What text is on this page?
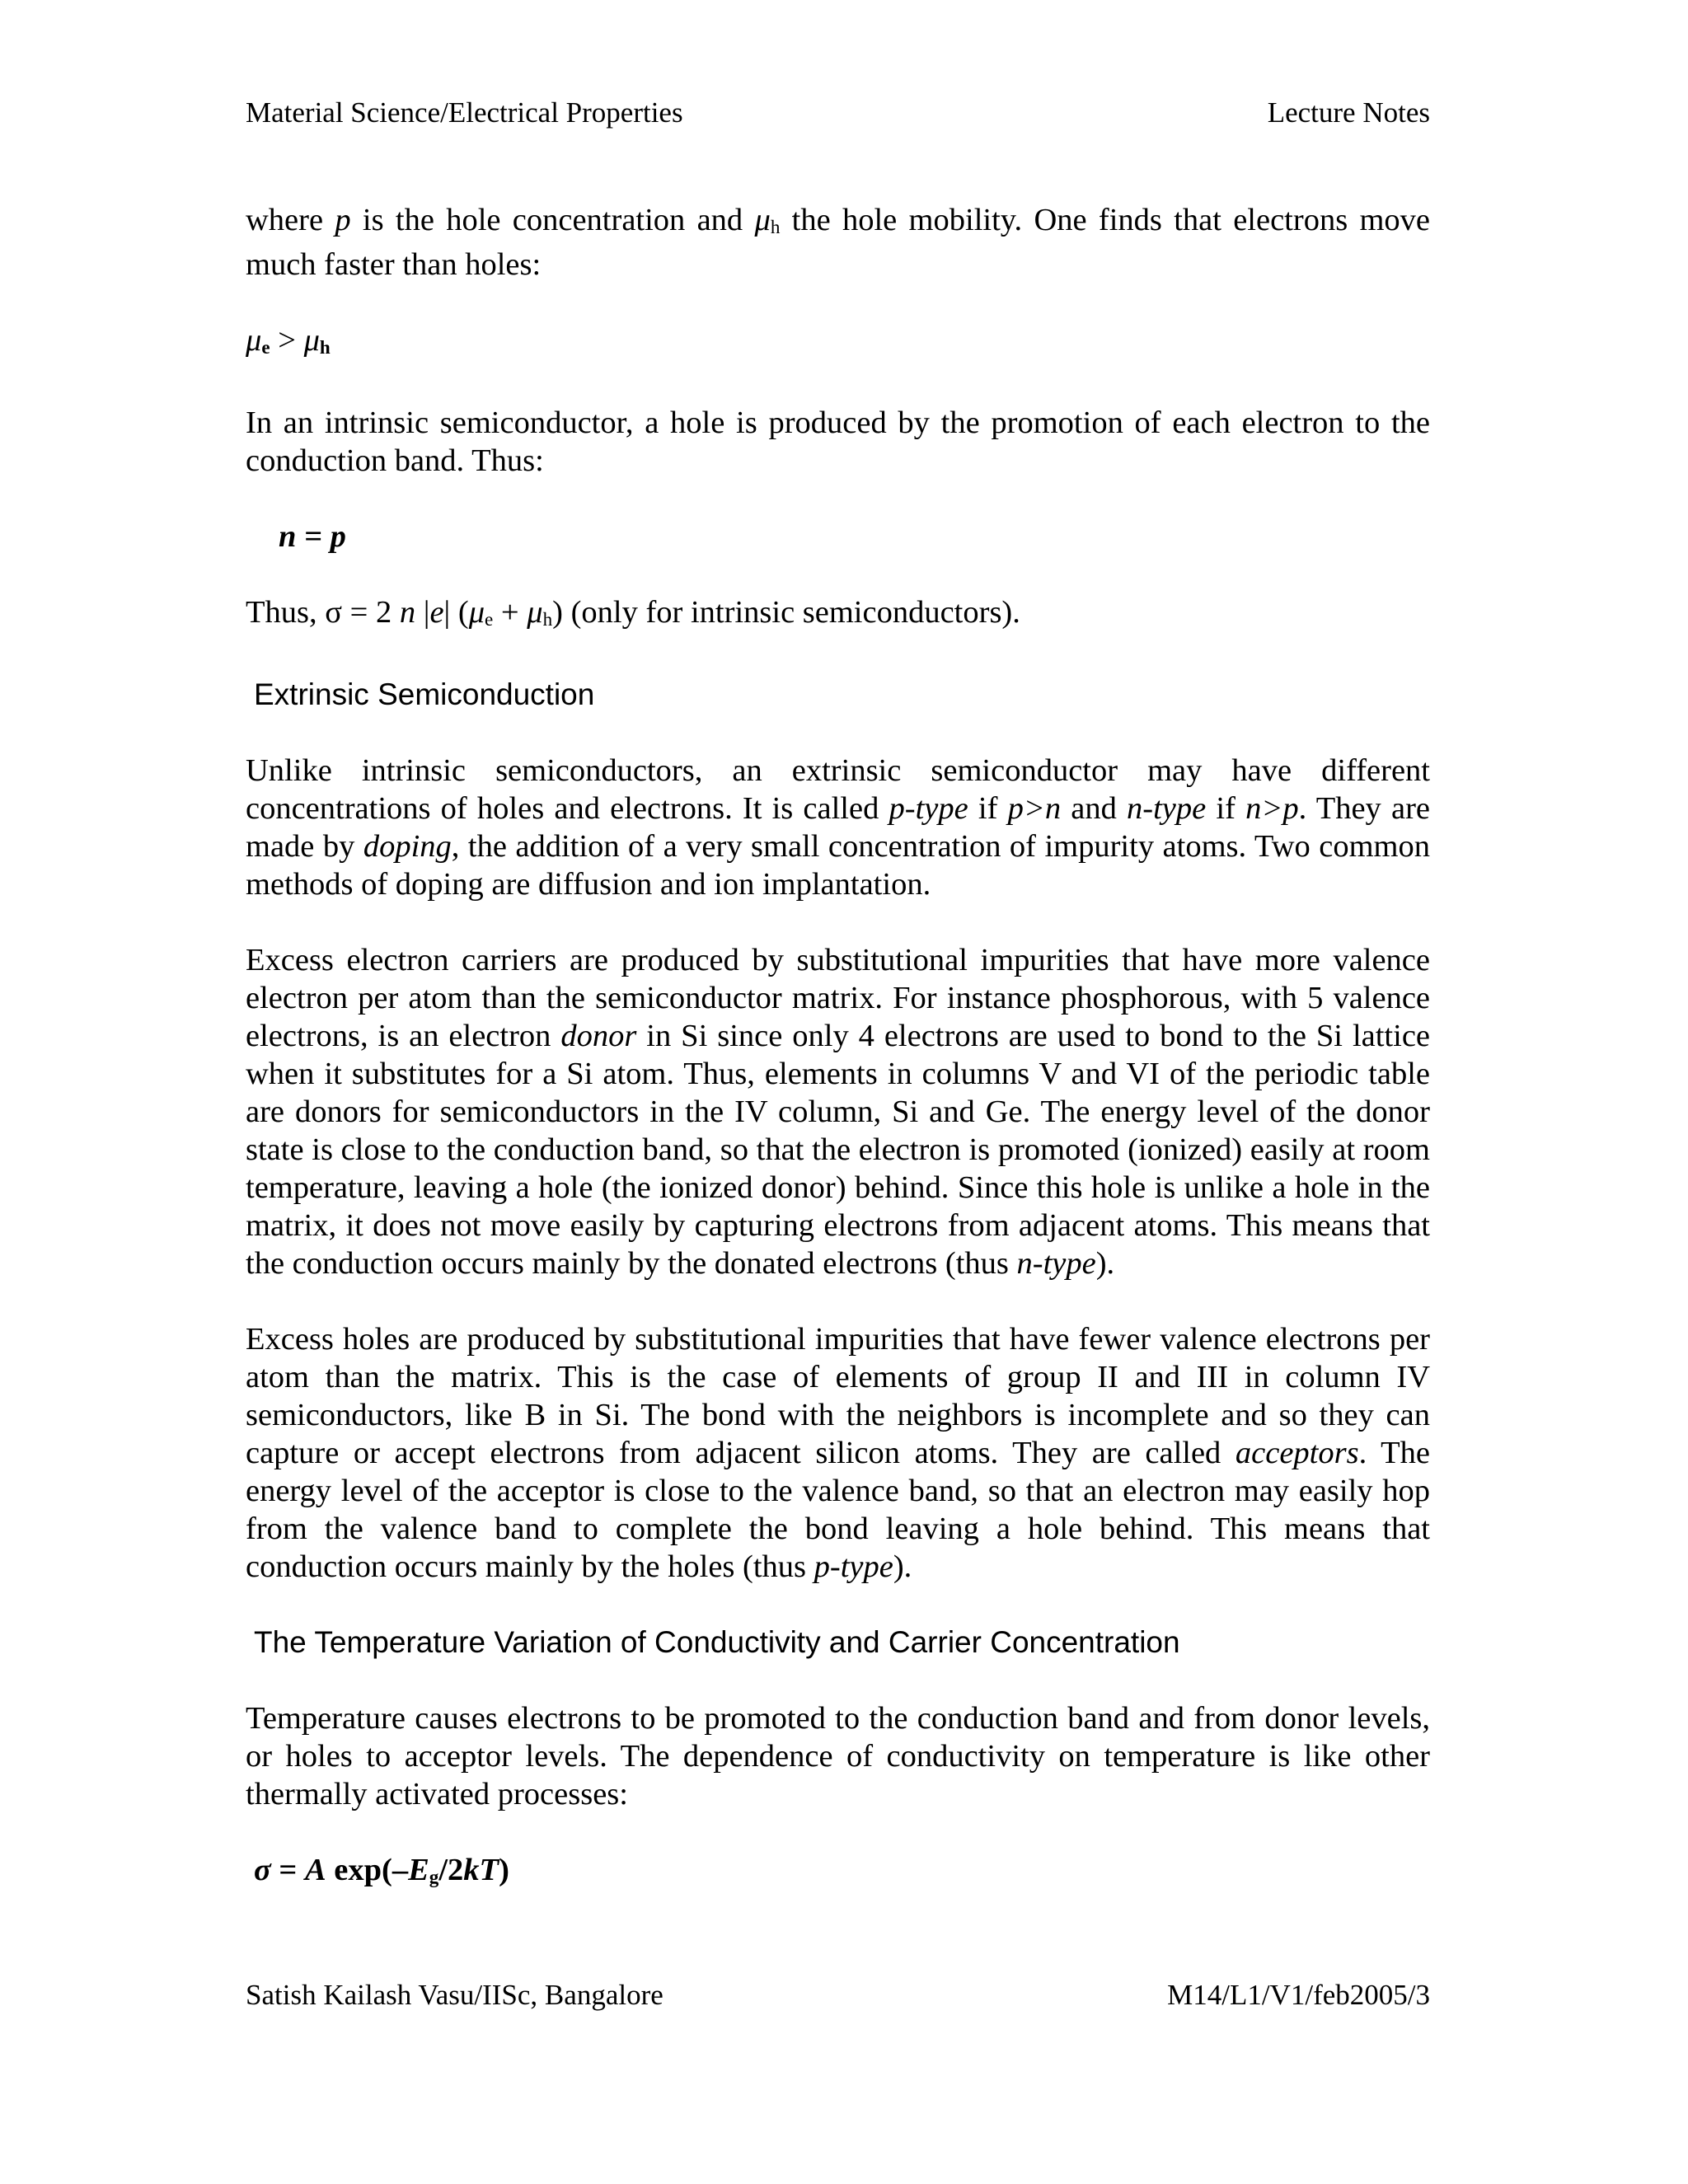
Material Science/Electrical Properties	Lecture Notes

where p is the hole concentration and μh the hole mobility. One finds that electrons move much faster than holes:

μe > μh

In an intrinsic semiconductor, a hole is produced by the promotion of each electron to the conduction band. Thus:

n = p

Thus, σ = 2 n |e| (μe + μh) (only for intrinsic semiconductors).

Extrinsic Semiconduction

Unlike intrinsic semiconductors, an extrinsic semiconductor may have different concentrations of holes and electrons. It is called p-type if p>n and n-type if n>p. They are made by doping, the addition of a very small concentration of impurity atoms. Two common methods of doping are diffusion and ion implantation.

Excess electron carriers are produced by substitutional impurities that have more valence electron per atom than the semiconductor matrix. For instance phosphorous, with 5 valence electrons, is an electron donor in Si since only 4 electrons are used to bond to the Si lattice when it substitutes for a Si atom. Thus, elements in columns V and VI of the periodic table are donors for semiconductors in the IV column, Si and Ge. The energy level of the donor state is close to the conduction band, so that the electron is promoted (ionized) easily at room temperature, leaving a hole (the ionized donor) behind. Since this hole is unlike a hole in the matrix, it does not move easily by capturing electrons from adjacent atoms. This means that the conduction occurs mainly by the donated electrons (thus n-type).

Excess holes are produced by substitutional impurities that have fewer valence electrons per atom than the matrix. This is the case of elements of group II and III in column IV semiconductors, like B in Si. The bond with the neighbors is incomplete and so they can capture or accept electrons from adjacent silicon atoms. They are called acceptors. The energy level of the acceptor is close to the valence band, so that an electron may easily hop from the valence band to complete the bond leaving a hole behind. This means that conduction occurs mainly by the holes (thus p-type).

The Temperature Variation of Conductivity and Carrier Concentration

Temperature causes electrons to be promoted to the conduction band and from donor levels, or holes to acceptor levels. The dependence of conductivity on temperature is like other thermally activated processes:

σ = A exp(–Eg/2kT)
Satish Kailash Vasu/IISc, Bangalore	M14/L1/V1/feb2005/3
